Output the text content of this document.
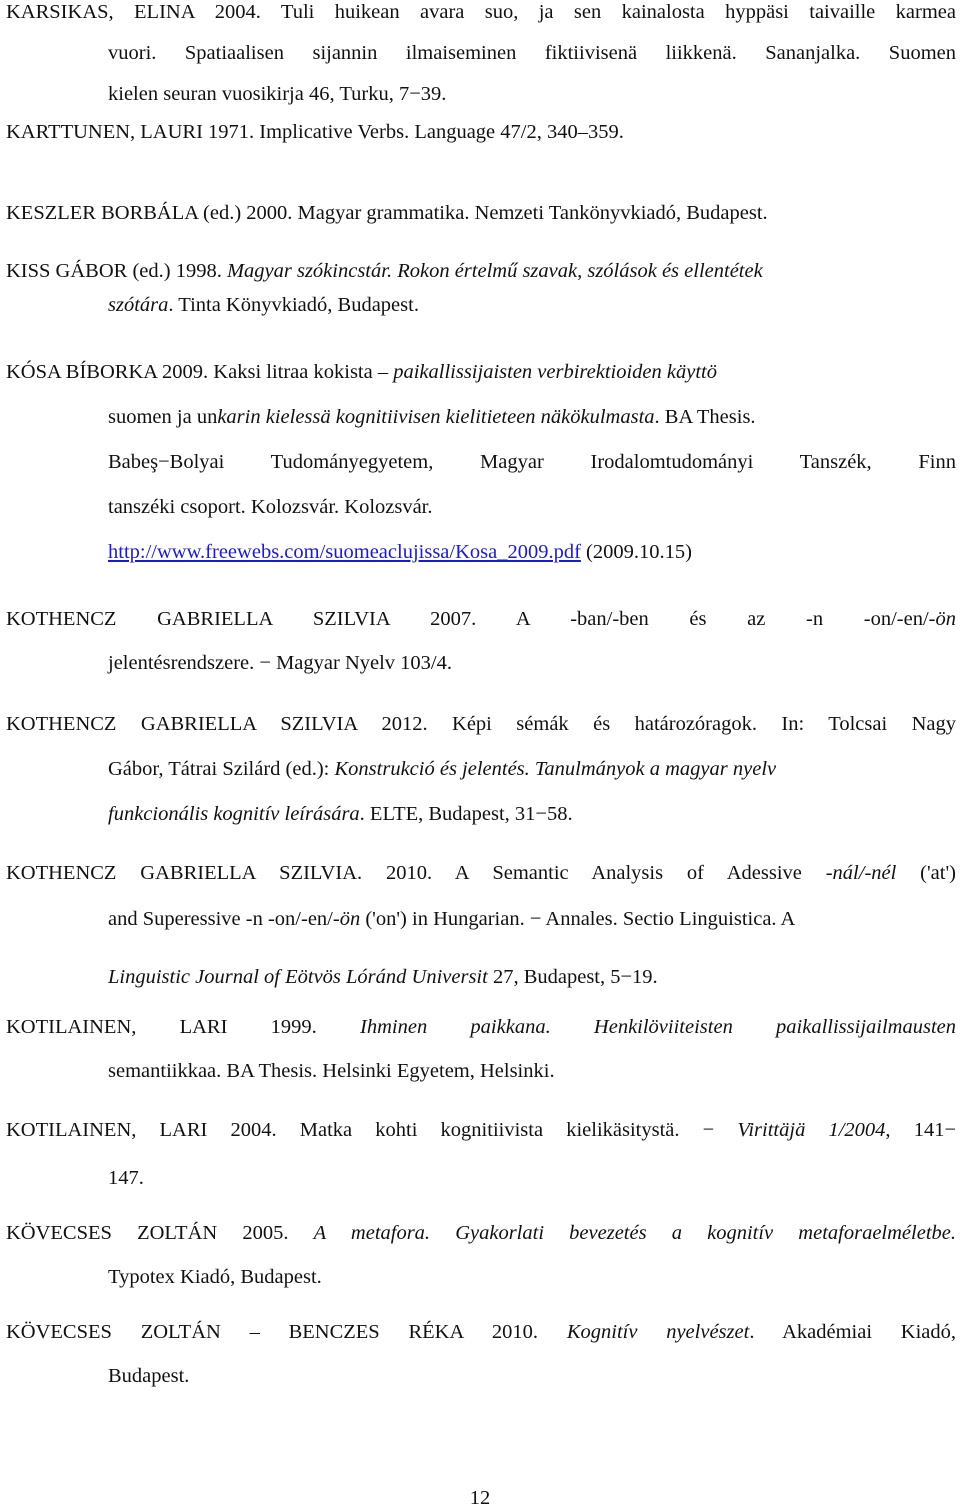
KARSIKAS, ELINA 2004. Tuli huikean avara suo, ja sen kainalosta hyppäsi taivaille karmea
vuori. Spatiaalisen sijannin ilmaiseminen fiktiivisenä liikkenä. Sananjalka. Suomen
kielen seuran vuosikirja 46, Turku, 7−39.
KARTTUNEN, LAURI 1971. Implicative Verbs. Language 47/2, 340–359.
KESZLER BORBÁLA (ed.) 2000. Magyar grammatika. Nemzeti Tankönyvkiadó, Budapest.
KISS GÁBOR (ed.) 1998. Magyar szókincstár. Rokon értelmű szavak, szólások és ellentétek
szótára. Tinta Könyvkiadó, Budapest.
KÓSA BÍBORKA 2009. Kaksi litraa kokista – paikallissijaisten verbirektioiden käyttö
suomen ja unkarin kielessä kognitiivisen kielitieteen näkökulmasta. BA Thesis.
Babeş−Bolyai Tudományegyetem, Magyar Irodalomtudományi Tanszék, Finn
tanszéki csoport. Kolozsvár. Kolozsvár.
http://www.freewebs.com/suomeaclujissa/Kosa_2009.pdf (2009.10.15)
KOTHENCZ GABRIELLA SZILVIA 2007. A -ban/-ben és az -n -on/-en/-ön
jelentésrendszere. − Magyar Nyelv 103/4.
KOTHENCZ GABRIELLA SZILVIA 2012. Képi sémák és határozóragok. In: Tolcsai Nagy
Gábor, Tátrai Szilárd (ed.): Konstrukció és jelentés. Tanulmányok a magyar nyelv
funkcionális kognitív leírására. ELTE, Budapest, 31−58.
KOTHENCZ GABRIELLA SZILVIA. 2010. A Semantic Analysis of Adessive -nál/-nél ('at')
and Superessive -n -on/-en/-ön ('on') in Hungarian. − Annales. Sectio Linguistica. A
Linguistic Journal of Eötvös Lóránd Universit 27, Budapest, 5−19.
KOTILAINEN, LARI 1999. Ihminen paikkana. Henkilöviiteisten paikallissijailmausten
semantiikkaa. BA Thesis. Helsinki Egyetem, Helsinki.
KOTILAINEN, LARI 2004. Matka kohti kognitiivista kielikäsitystä. − Virittäjä 1/2004, 141−
147.
KÖVECSES ZOLTÁN 2005. A metafora. Gyakorlati bevezetés a kognitív metaforaelméletbe.
Typotex Kiadó, Budapest.
KÖVECSES ZOLTÁN – BENCZES RÉKA 2010. Kognitív nyelvészet. Akadémiai Kiadó,
Budapest.
12
